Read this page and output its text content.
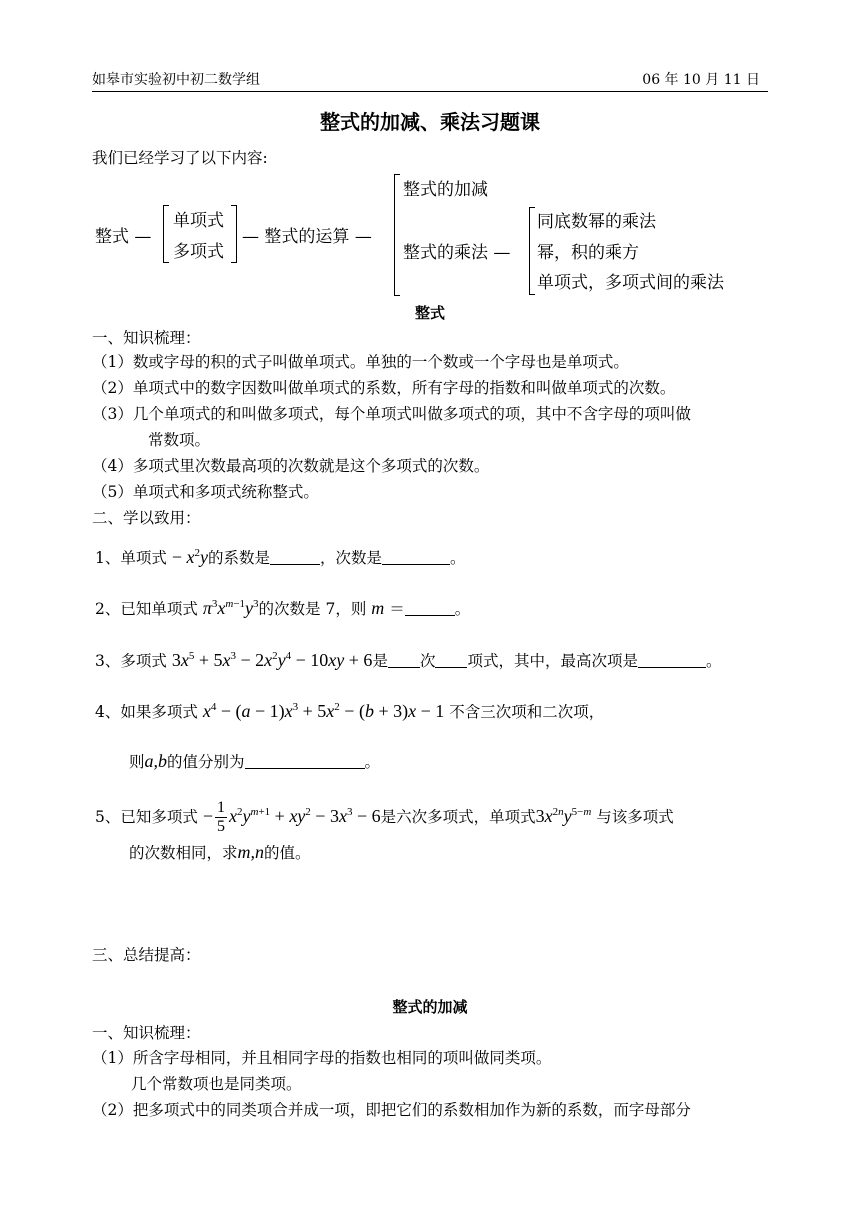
如皋市实验初中初二数学组	06 年 10 月 11 日
整式的加减、乘法习题课
我们已经学习了以下内容:
整式 —
单项式
多项式
— 整式的运算 —
整式的加减
整式的乘法 —
同底数幂的乘法
幂，积的乘方
单项式，多项式间的乘法
整式
一、知识梳理：
（1）数或字母的积的式子叫做单项式。单独的一个数或一个字母也是单项式。
（2）单项式中的数字因数叫做单项式的系数，所有字母的指数和叫做单项式的次数。
（3）几个单项式的和叫做多项式，每个单项式叫做多项式的项，其中不含字母的项叫做
常数项。
（4）多项式里次数最高项的次数就是这个多项式的次数。
（5）单项式和多项式统称整式。
二、学以致用：
1、单项式 − $x^2y$的系数是	，次数是	。
2、已知单项式 $\pi^3x^{m-1}y^3$的次数是 7，则 m ＝	。
3、多项式 $3x^5 + 5x^3 - 2x^2y^4 - 10xy + 6$是 次 项式，其中，最高次项是	。
4、如果多项式 $x^4 - (a - 1)x^3 + 5x^2 - (b + 3)x - 1$ 不含三次项和二次项，
则a,b的值分别为	。
5、已知多项式 − $\frac{1}{5} x^2y^{m+1} + xy^2 - 3x^3 - 6$是六次多项式，单项式$3x^{2n}y^{5-m}$ 与该多项式
的次数相同，求m,n的值。
三、总结提高：
整式的加减
一、知识梳理：
（1）所含字母相同，并且相同字母的指数也相同的项叫做同类项。
几个常数项也是同类项。
（2）把多项式中的同类项合并成一项，即把它们的系数相加作为新的系数，而字母部分
